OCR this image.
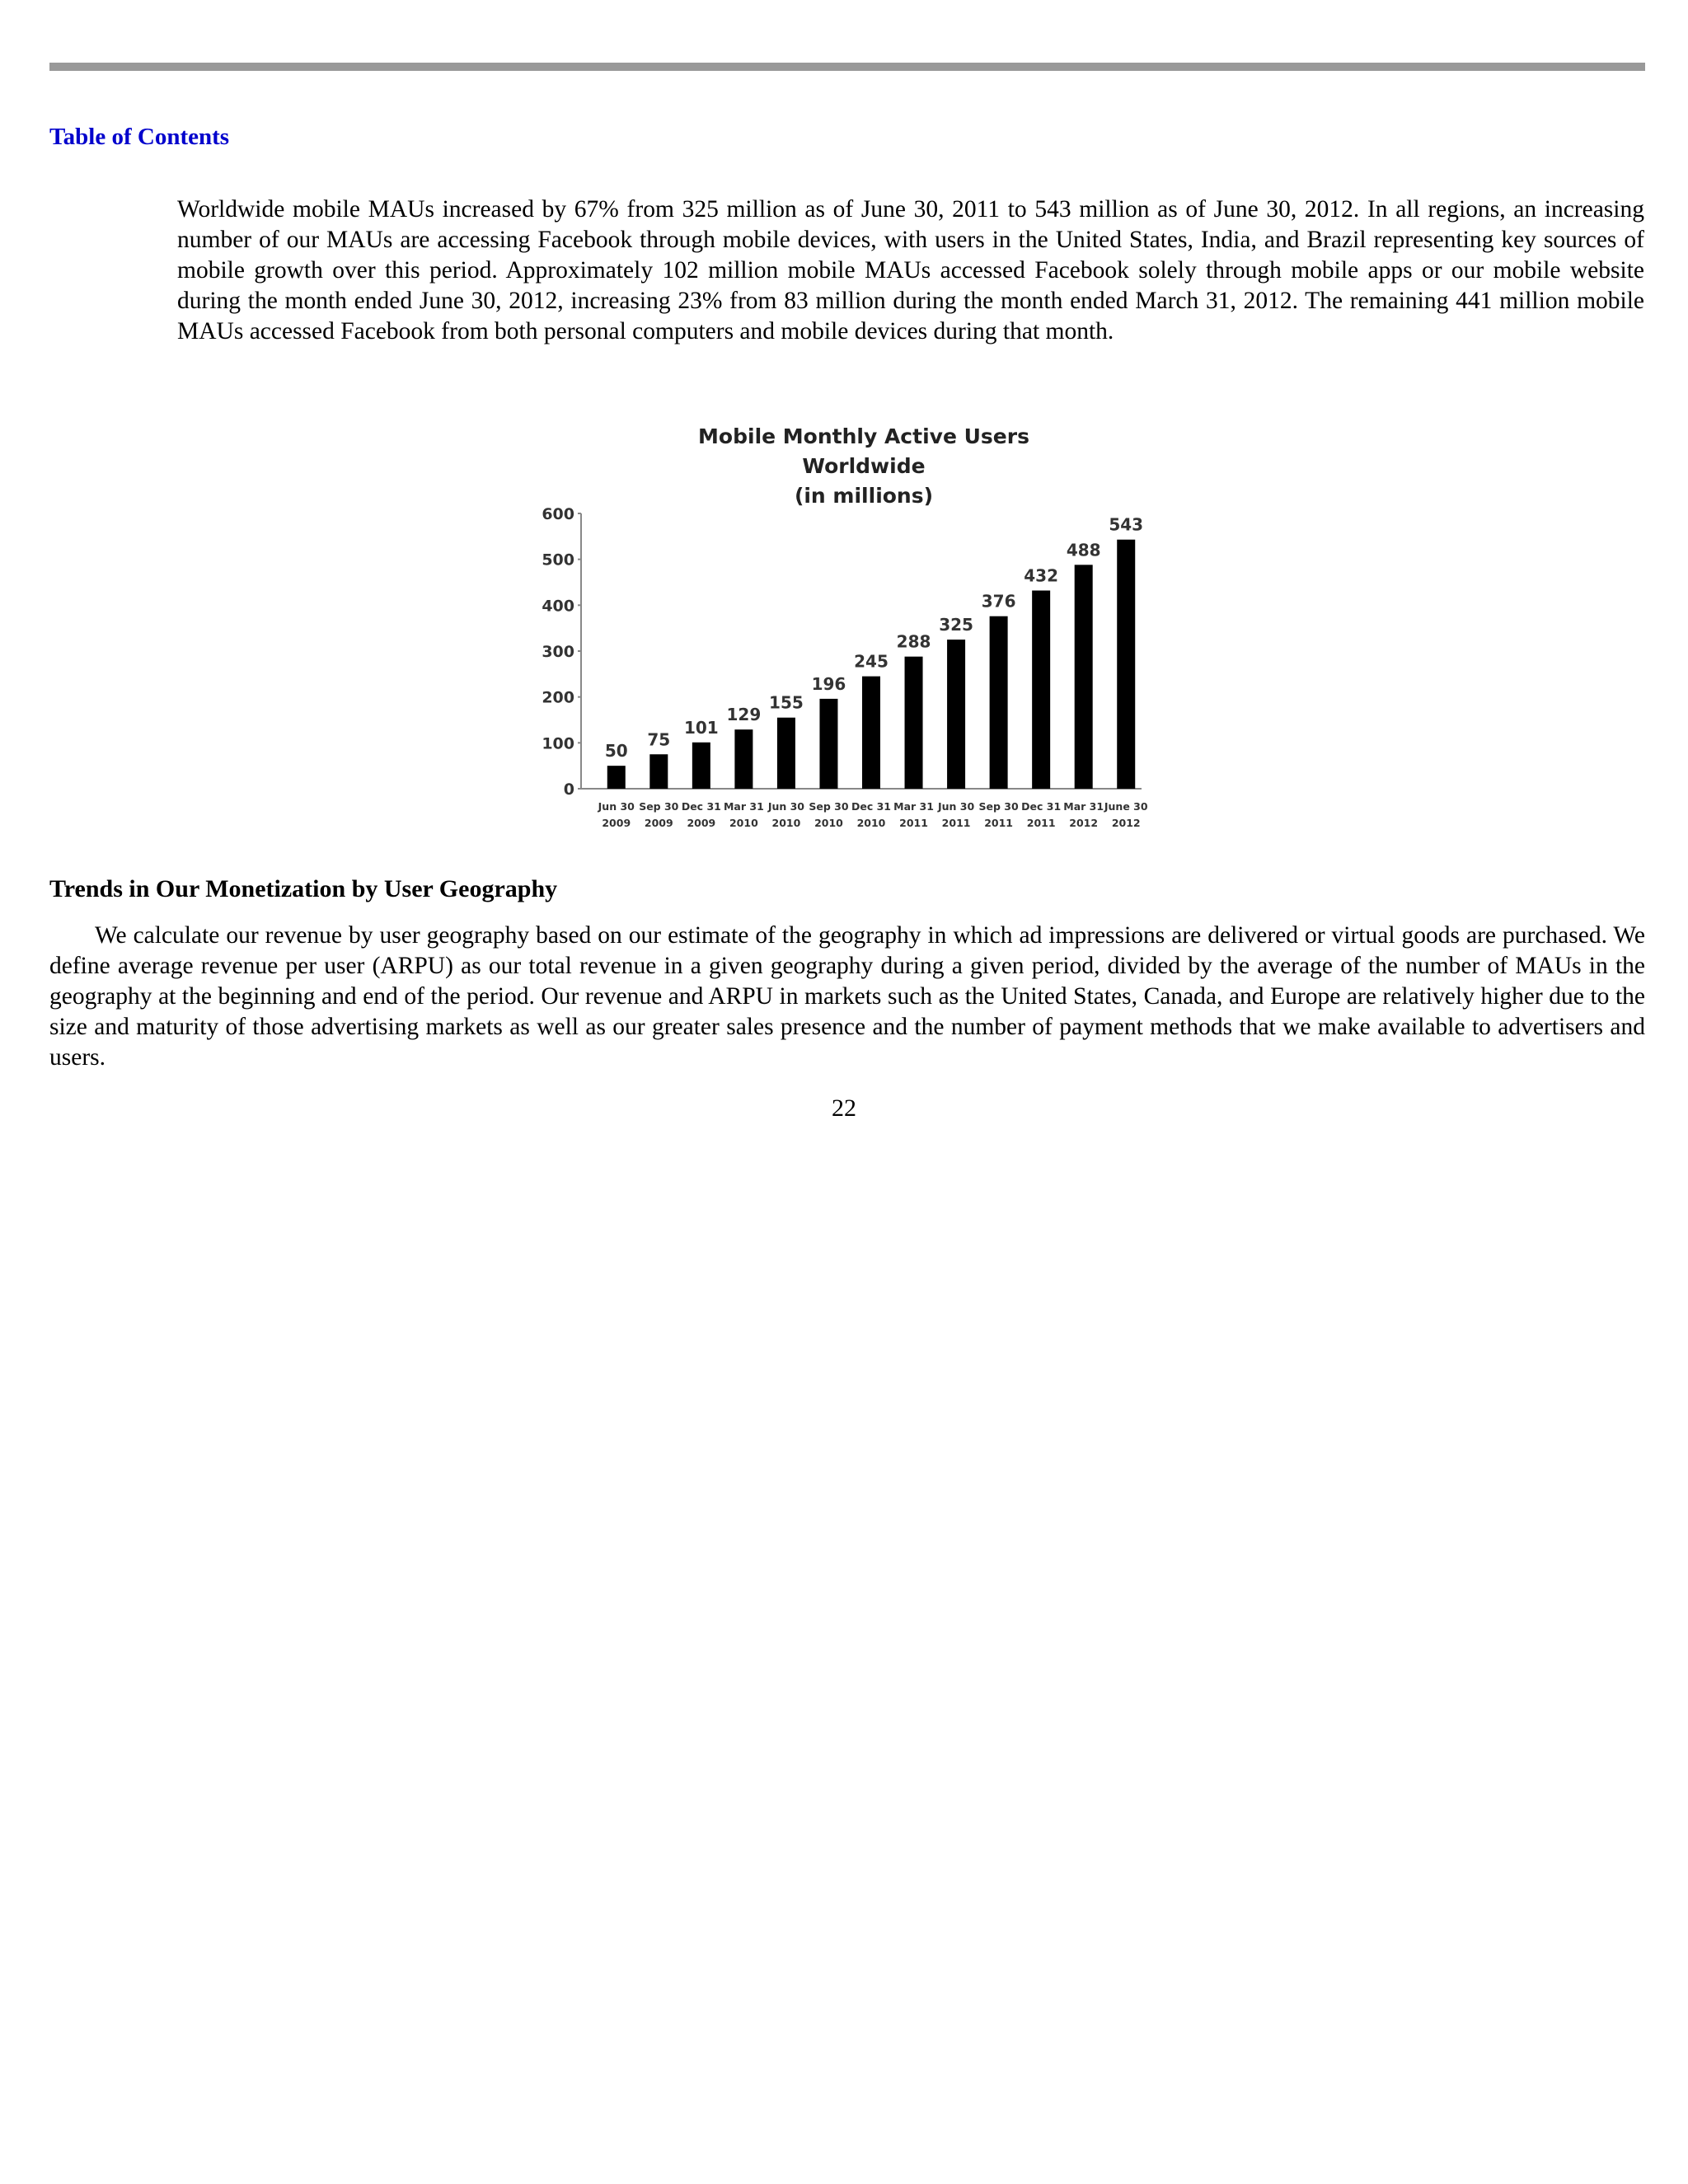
Table of Contents

Worldwide mobile MAUs increased by 67% from 325 million as of June 30, 2011 to 543 million as of June 30, 2012. In all regions, an increasing number of our MAUs are accessing Facebook through mobile devices, with users in the United States, India, and Brazil representing key sources of mobile growth over this period. Approximately 102 million mobile MAUs accessed Facebook solely through mobile apps or our mobile website during the month ended June 30, 2012, increasing 23% from 83 million during the month ended March 31, 2012. The remaining 441 million mobile MAUs accessed Facebook from both personal computers and mobile devices during that month.

Mobile Monthly Active Users
Worldwide
(in millions)
0
100
200
300
400
500
600
Jun 30
2009
Sep 30
2009
Dec 31
2009
Mar 31
2010
Jun 30
2010
Sep 30
2010
Dec 31
2010
Mar 31
2011
Jun 30
2011
Sep 30
2011
Dec 31
2011
Mar 31
2012
June 30
2012
50
75
101
129
155
196
245
288
325
376
432
488
543
Trends in Our Monetization by User Geography

We calculate our revenue by user geography based on our estimate of the geography in which ad impressions are delivered or virtual goods are purchased. We define average revenue per user (ARPU) as our total revenue in a given geography during a given period, divided by the average of the number of MAUs in the geography at the beginning and end of the period. Our revenue and ARPU in markets such as the United States, Canada, and Europe are relatively higher due to the size and maturity of those advertising markets as well as our greater sales presence and the number of payment methods that we make available to advertisers and users.

22
